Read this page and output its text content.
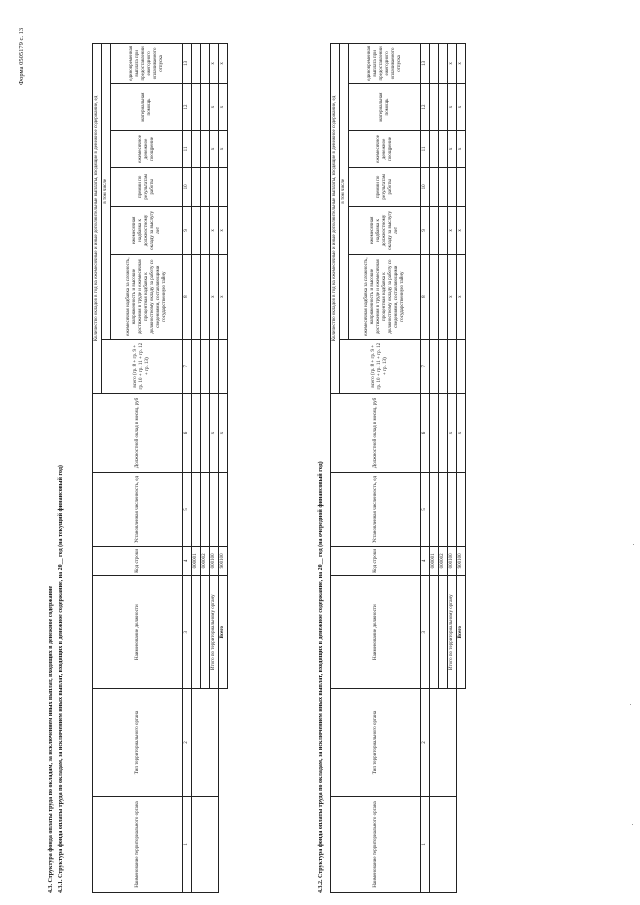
Форма 0505179 с. 13
4.3. Структура фонда оплаты труда по окладам, за исключением иных выплат, входящих в денежное содержание 4.3.1. Структура фонда оплаты труда по окладам, за исключением иных выплат, входящих в денежное содержание, на 20__ год (на текущий финансовый год)	Наименование территориального органа	Тип территориального органа	Наименование должности	Код строки	Установленная численность, ед	Должностной оклад в месяц, руб	Количество окладов в год на ежемесячные и иные дополнительные выплаты, входящие в денежное содержание, ед						
						всего (гр. 8 + гр. 9 + гр. 10 + гр. 11 + гр. 12 + гр. 13)	в том числе					
							ежемесячная надбавка за сложность, напряженность и высокие достижения в труде и ежемесячная процентная надбавка к должностному окладу за работу со сведениями, составляющими государственную тайну	ежемесячная надбавка к должностному окладу за выслугу лет	премии по результатам работы	ежемесячное денежное поощрение	материальная помощь	единовременная выплата при предоставлении ежегодного оплачиваемого отпуска
1	2	3	4	5	6	7	8	9	10	11	12	13
			000001									
			000002									
		Итого по территориальному органу	000100		x		x	x		x	x	x
		Всего	900100		x		x	x		x	x	x
4.3.2. Структура фонда оплаты труда по окладам, за исключением иных выплат, входящих в денежное содержание, на 20__ год (на очередной финансовый год)	Наименование территориального органа	Тип территориального органа	Наименование должности	Код строки	Установленная численность, ед	Должностной оклад в месяц, руб	Количество окладов в год на ежемесячные и иные дополнительные выплаты, входящие в денежное содержание, ед						
						всего (гр. 8 + гр. 9 + гр. 10 + гр. 11 + гр. 12 + гр. 13)	в том числе					
							ежемесячная надбавка за сложность, напряженность и высокие достижения в труде и ежемесячная процентная надбавка к должностному окладу за работу со сведениями, составляющими государственную тайну	ежемесячная надбавка к должностному окладу за выслугу лет	премии по результатам работы	ежемесячное денежное поощрение	материальная помощь	единовременная выплата при предоставлении ежегодного оплачиваемого отпуска
1	2	3	4	5	6	7	8	9	10	11	12	13
			000001									
			000002									
		Итого по территориальному органу	000100		x		x	x		x	x	x
		Всего	900100		x		x	x		x	x	x
